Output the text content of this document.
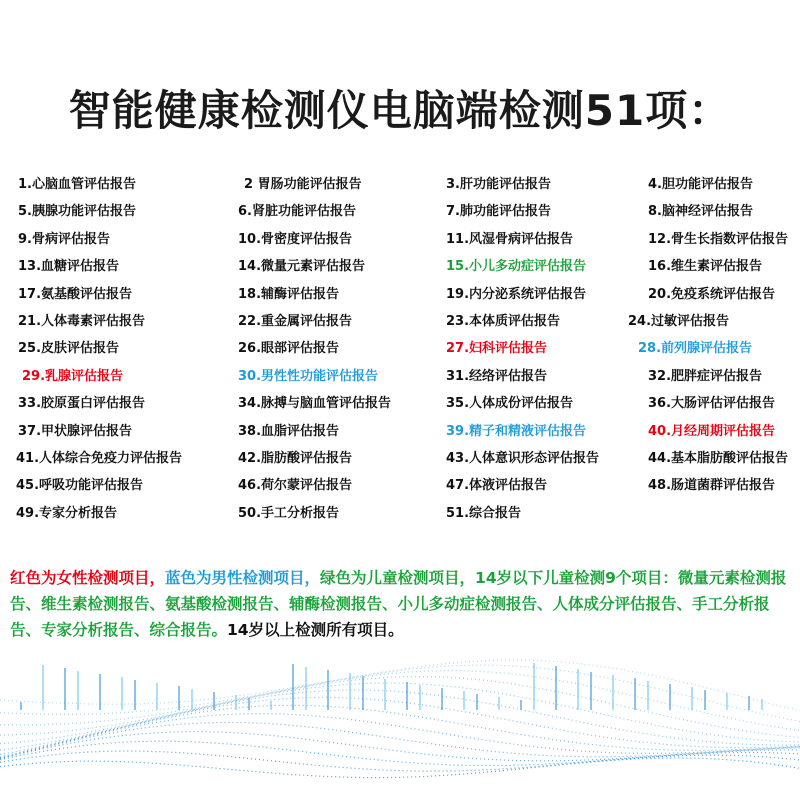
智能健康检测仪电脑端检测51项：
1.心脑血管评估报告	2 胃肠功能评估报告	3.肝功能评估报告	4.胆功能评估报告
5.胰腺功能评估报告	6.肾脏功能评估报告	7.肺功能评估报告	8.脑神经评估报告
9.骨病评估报告	10.骨密度评估报告	11.风湿骨病评估报告	12.骨生长指数评估报告
13.血糖评估报告	14.微量元素评估报告	15.小儿多动症评估报告	16.维生素评估报告
17.氨基酸评估报告	18.辅酶评估报告	19.内分泌系统评估报告	20.免疫系统评估报告
21.人体毒素评估报告	22.重金属评估报告	23.本体质评估报告	24.过敏评估报告
25.皮肤评估报告	26.眼部评估报告	27.妇科评估报告	28.前列腺评估报告
29.乳腺评估报告	30.男性性功能评估报告	31.经络评估报告	32.肥胖症评估报告
33.胶原蛋白评估报告	34.脉搏与脑血管评估报告	35.人体成份评估报告	36.大肠评估评估报告
37.甲状腺评估报告	38.血脂评估报告	39.精子和精液评估报告	40.月经周期评估报告
41.人体综合免疫力评估报告	42.脂肪酸评估报告	43.人体意识形态评估报告	44.基本脂肪酸评估报告
45.呼吸功能评估报告	46.荷尔蒙评估报告	47.体液评估报告	48.肠道菌群评估报告
49.专家分析报告	50.手工分析报告	51.综合报告

红色为女性检测项目，蓝色为男性检测项目，绿色为儿童检测项目，14岁以下儿童检测9个项目：微量元素检测报告、维生素检测报告、氨基酸检测报告、辅酶检测报告、小儿多动症检测报告、人体成分评估报告、手工分析报告、专家分析报告、综合报告。14岁以上检测所有项目。
